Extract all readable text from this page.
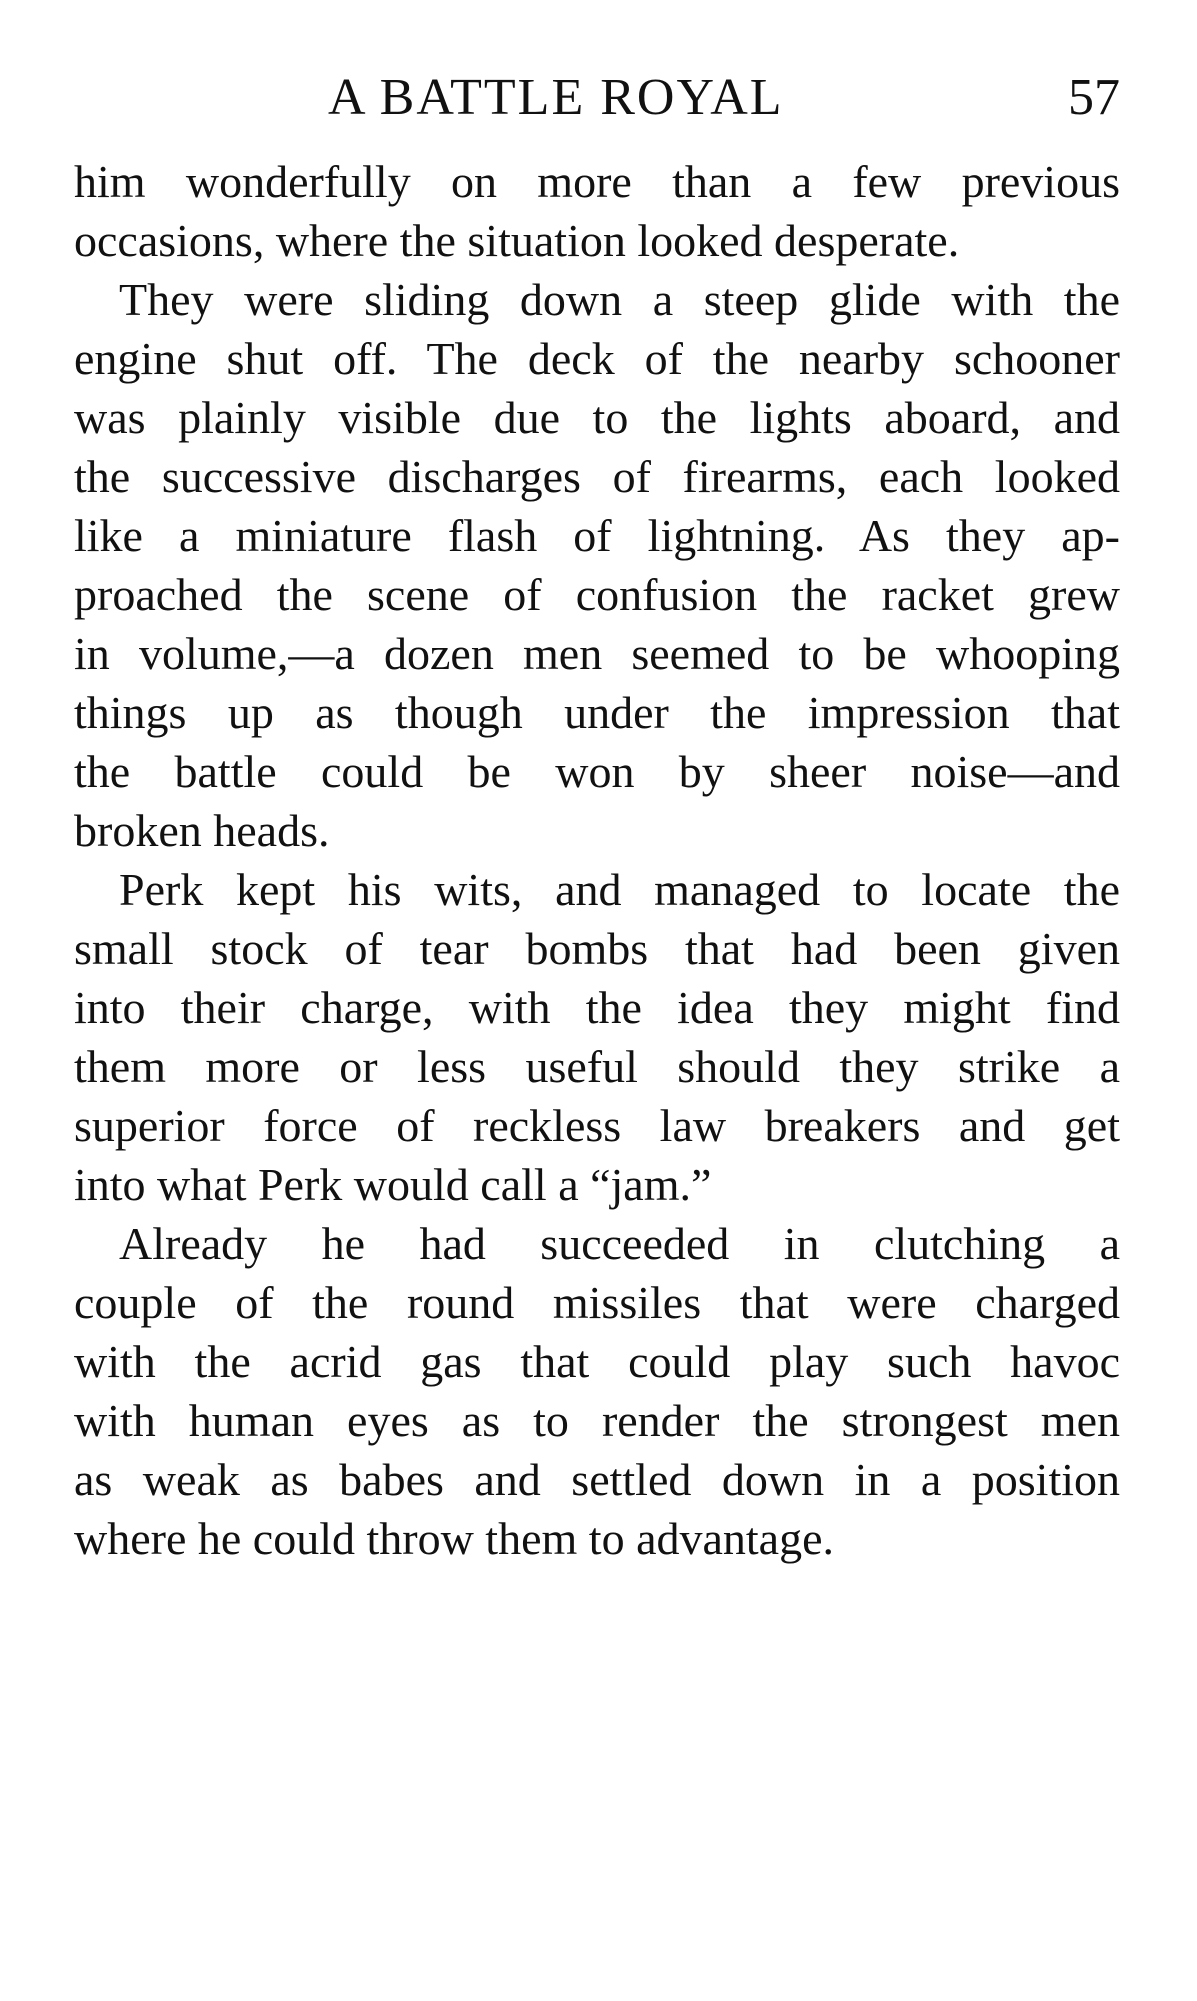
A BATTLE ROYAL	57
him wonderfully on more than a few previous
occasions, where the situation looked desperate.
They were sliding down a steep glide with the
engine shut off. The deck of the nearby schooner
was plainly visible due to the lights aboard, and
the successive discharges of firearms, each looked
like a miniature flash of lightning. As they ap-
proached the scene of confusion the racket grew
in volume,—a dozen men seemed to be whooping
things up as though under the impression that
the battle could be won by sheer noise—and
broken heads.
Perk kept his wits, and managed to locate the
small stock of tear bombs that had been given
into their charge, with the idea they might find
them more or less useful should they strike a
superior force of reckless law breakers and get
into what Perk would call a “jam.”
Already he had succeeded in clutching a
couple of the round missiles that were charged
with the acrid gas that could play such havoc
with human eyes as to render the strongest men
as weak as babes and settled down in a position
where he could throw them to advantage.
